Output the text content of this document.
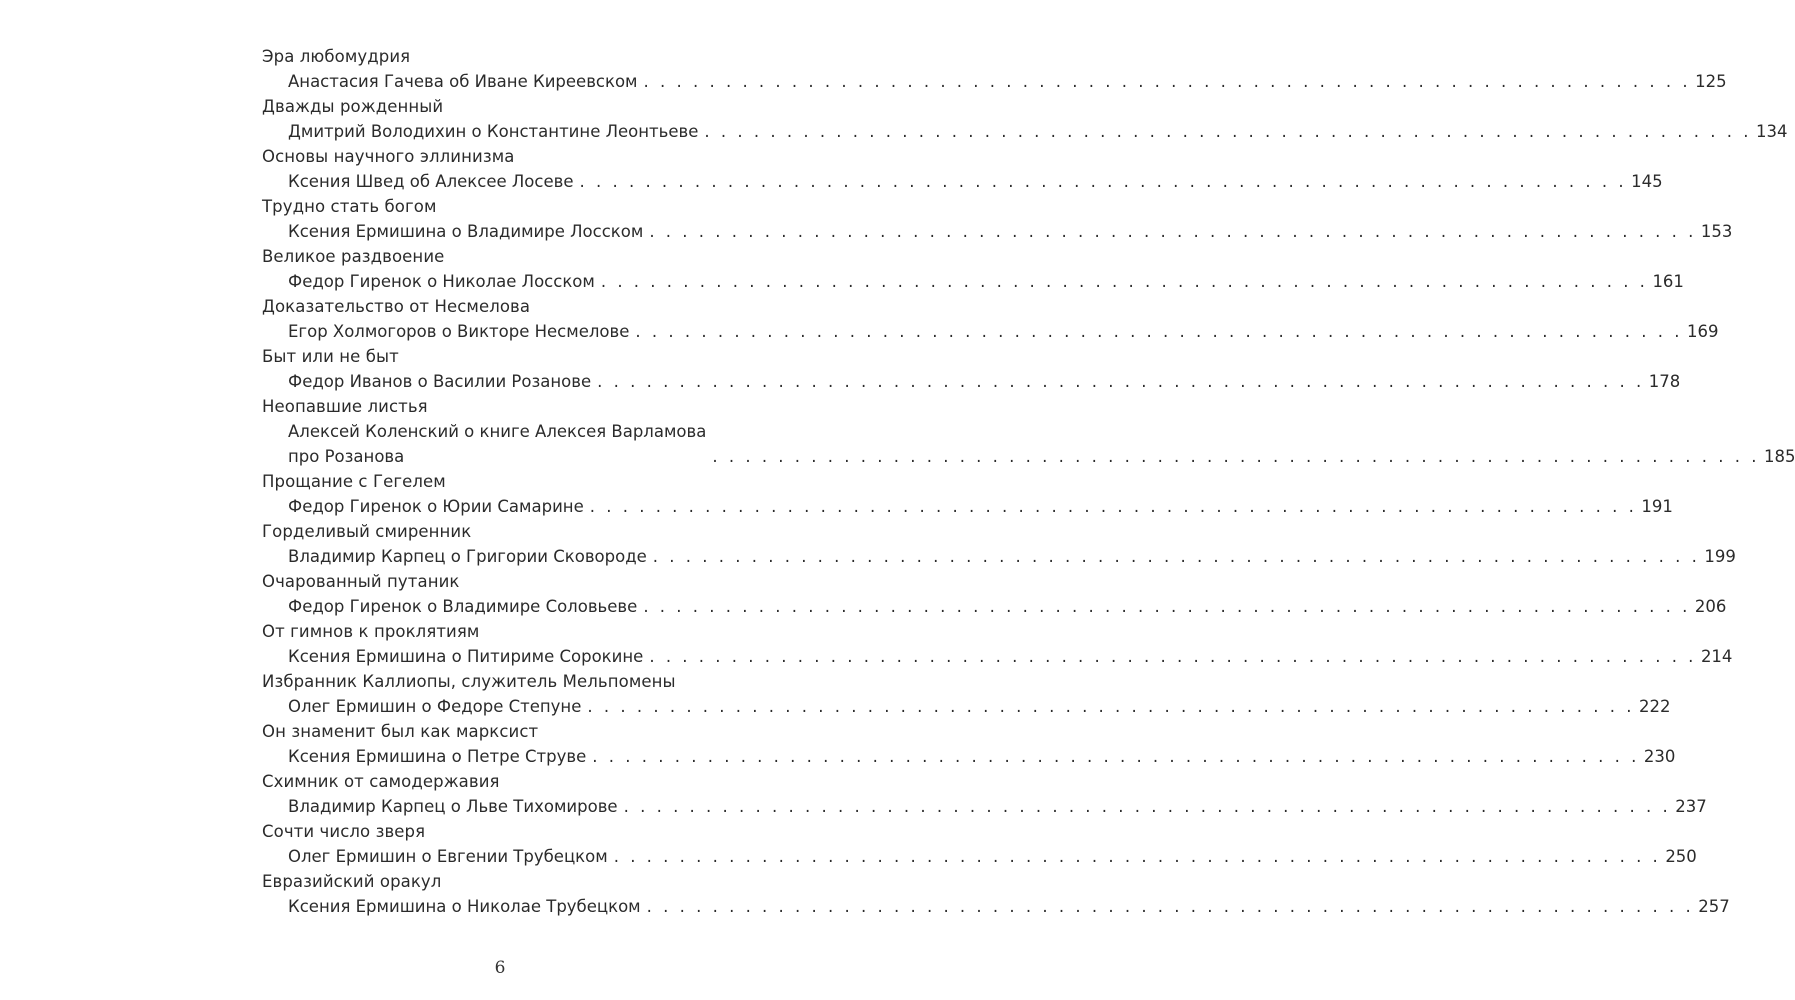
Эра любомудрия
Анастасия Гачева об Иване Киреевском . . . . . . . . . . . . . . . . . . . . . . . . . . . . . . . . . . . . . . . . . . . . . . . . . . . . . . . . . . . . . . . . 125
Дважды рожденный
Дмитрий Володихин о Константине Леонтьеве . . . . . . . . . . . . . . . . . . . . . . . . . . . . . . . . . . . . . . . . . . . . . . . . . . . . . . . . . . . . . . . . 134
Основы научного эллинизма
Ксения Швед об Алексее Лосеве . . . . . . . . . . . . . . . . . . . . . . . . . . . . . . . . . . . . . . . . . . . . . . . . . . . . . . . . . . . . . . . . 145
Трудно стать богом
Ксения Ермишина о Владимире Лосском . . . . . . . . . . . . . . . . . . . . . . . . . . . . . . . . . . . . . . . . . . . . . . . . . . . . . . . . . . . . . . . . 153
Великое раздвоение
Федор Гиренок о Николае Лосском . . . . . . . . . . . . . . . . . . . . . . . . . . . . . . . . . . . . . . . . . . . . . . . . . . . . . . . . . . . . . . . . 161
Доказательство от Несмелова
Егор Холмогоров о Викторе Несмелове . . . . . . . . . . . . . . . . . . . . . . . . . . . . . . . . . . . . . . . . . . . . . . . . . . . . . . . . . . . . . . . . 169
Быт или не быт
Федор Иванов о Василии Розанове . . . . . . . . . . . . . . . . . . . . . . . . . . . . . . . . . . . . . . . . . . . . . . . . . . . . . . . . . . . . . . . . 178
Неопавшие листья
Алексей Коленский о книге Алексея Варламова
про Розанова	. . . . . . . . . . . . . . . . . . . . . . . . . . . . . . . . . . . . . . . . . . . . . . . . . . . . . . . . . . . . . . . . 185
Прощание с Гегелем
Федор Гиренок о Юрии Самарине . . . . . . . . . . . . . . . . . . . . . . . . . . . . . . . . . . . . . . . . . . . . . . . . . . . . . . . . . . . . . . . . 191
Горделивый смиренник
Владимир Карпец о Григории Сковороде . . . . . . . . . . . . . . . . . . . . . . . . . . . . . . . . . . . . . . . . . . . . . . . . . . . . . . . . . . . . . . . . 199
Очарованный путаник
Федор Гиренок о Владимире Соловьеве . . . . . . . . . . . . . . . . . . . . . . . . . . . . . . . . . . . . . . . . . . . . . . . . . . . . . . . . . . . . . . . . 206
От гимнов к проклятиям
Ксения Ермишина о Питириме Сорокине . . . . . . . . . . . . . . . . . . . . . . . . . . . . . . . . . . . . . . . . . . . . . . . . . . . . . . . . . . . . . . . . 214
Избранник Каллиопы, служитель Мельпомены
Олег Ермишин о Федоре Степуне . . . . . . . . . . . . . . . . . . . . . . . . . . . . . . . . . . . . . . . . . . . . . . . . . . . . . . . . . . . . . . . . 222
Он знаменит был как марксист
Ксения Ермишина о Петре Струве . . . . . . . . . . . . . . . . . . . . . . . . . . . . . . . . . . . . . . . . . . . . . . . . . . . . . . . . . . . . . . . . 230
Схимник от самодержавия
Владимир Карпец о Льве Тихомирове . . . . . . . . . . . . . . . . . . . . . . . . . . . . . . . . . . . . . . . . . . . . . . . . . . . . . . . . . . . . . . . . 237
Сочти число зверя
Олег Ермишин о Евгении Трубецком . . . . . . . . . . . . . . . . . . . . . . . . . . . . . . . . . . . . . . . . . . . . . . . . . . . . . . . . . . . . . . . . 250
Евразийский оракул
Ксения Ермишина о Николае Трубецком . . . . . . . . . . . . . . . . . . . . . . . . . . . . . . . . . . . . . . . . . . . . . . . . . . . . . . . . . . . . . . . . 257
6
